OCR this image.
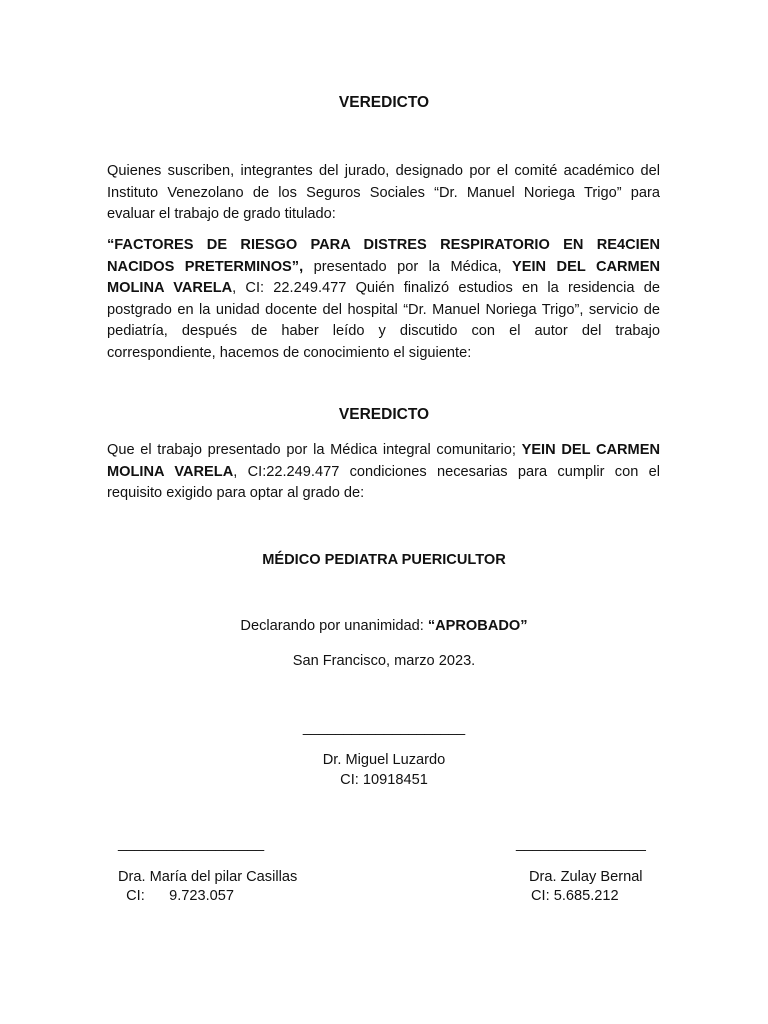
VEREDICTO
Quienes suscriben, integrantes del jurado, designado por el comité académico del Instituto Venezolano de los Seguros Sociales “Dr. Manuel Noriega Trigo” para evaluar el trabajo de grado titulado:
“FACTORES DE RIESGO PARA DISTRES RESPIRATORIO EN RE4CIEN NACIDOS PRETERMINOS”, presentado por la Médica, YEIN DEL CARMEN MOLINA VARELA, CI: 22.249.477 Quién finalizó estudios en la residencia de postgrado en la unidad docente del hospital “Dr. Manuel Noriega Trigo”, servicio de pediatría, después de haber leído y discutido con el autor del trabajo correspondiente, hacemos de conocimiento el siguiente:
VEREDICTO
Que el trabajo presentado por la Médica integral comunitario; YEIN DEL CARMEN MOLINA VARELA, CI:22.249.477 condiciones necesarias para cumplir con el requisito exigido para optar al grado de:
MÉDICO PEDIATRA PUERICULTOR
Declarando por unanimidad: “APROBADO”
San Francisco, marzo 2023.
____________________
Dr. Miguel Luzardo
CI: 10918451
__________________
Dra. María del pilar Casillas
CI:      9.723.057
________________
Dra. Zulay Bernal
CI: 5.685.212
